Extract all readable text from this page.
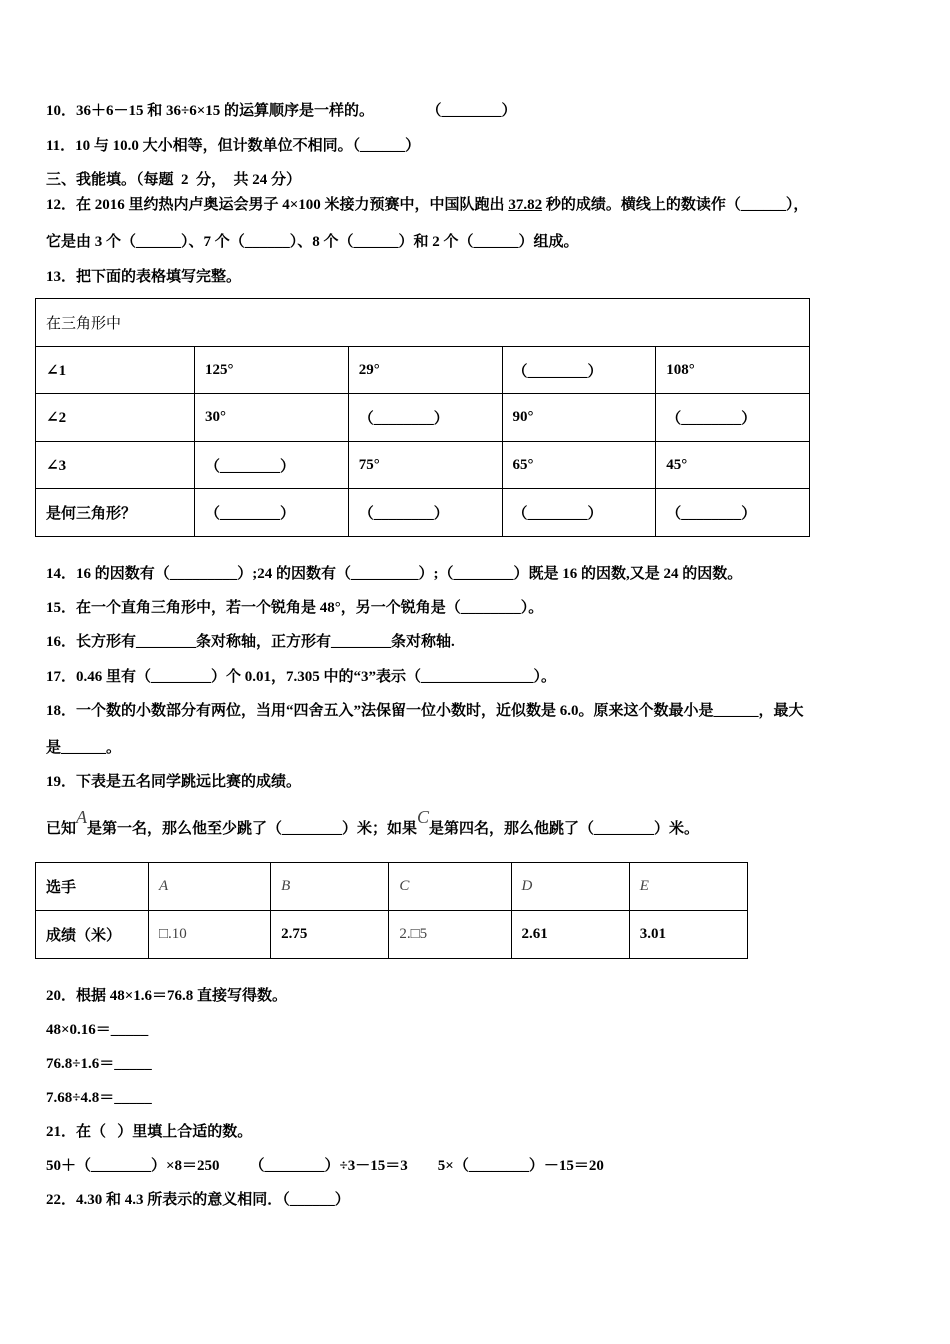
10．36＋6－15 和 36÷6×15 的运算顺序是一样的。              （________）
11．10 与 10.0 大小相等，但计数单位不相同。（______）
三、我能填。（每题  2  分，  共 24 分）
12．在 2016 里约热内卢奥运会男子 4×100 米接力预赛中，中国队跑出 37.82 秒的成绩。横线上的数读作（______），
它是由 3 个（______）、7 个（______）、8 个（______）和 2 个（______）组成。
13．把下面的表格填写完整。
在三角形中				
∠1	125°	29°	（________）	108°
∠2	30°	（________）	90°	（________）
∠3	（________）	75°	65°	45°
是何三角形？	（________）	（________）	（________）	（________）
14．16 的因数有（_________）;24 的因数有（_________）;（________）既是 16 的因数,又是 24 的因数。
15．在一个直角三角形中，若一个锐角是 48°，另一个锐角是（________）。
16．长方形有________条对称轴，正方形有________条对称轴.
17．0.46 里有（________）个 0.01，7.305 中的“3”表示（_______________）。
18．一个数的小数部分有两位，当用“四舍五入”法保留一位小数时，近似数是 6.0。原来这个数最小是______，最大
是______。
19．下表是五名同学跳远比赛的成绩。
已知A是第一名，那么他至少跳了（________）米；如果C是第四名，那么他跳了（________）米。
选手	A	B	C	D	E
成绩（米）	□.10	2.75	2.□5	2.61	3.01
20．根据 48×1.6＝76.8 直接写得数。
48×0.16＝_____
76.8÷1.6＝_____
7.68÷4.8＝_____
21．在（   ）里填上合适的数。
50＋（________）×8＝250        （________）÷3－15＝3        5×（________）－15＝20
22．4.30 和 4.3 所表示的意义相同．（______）
